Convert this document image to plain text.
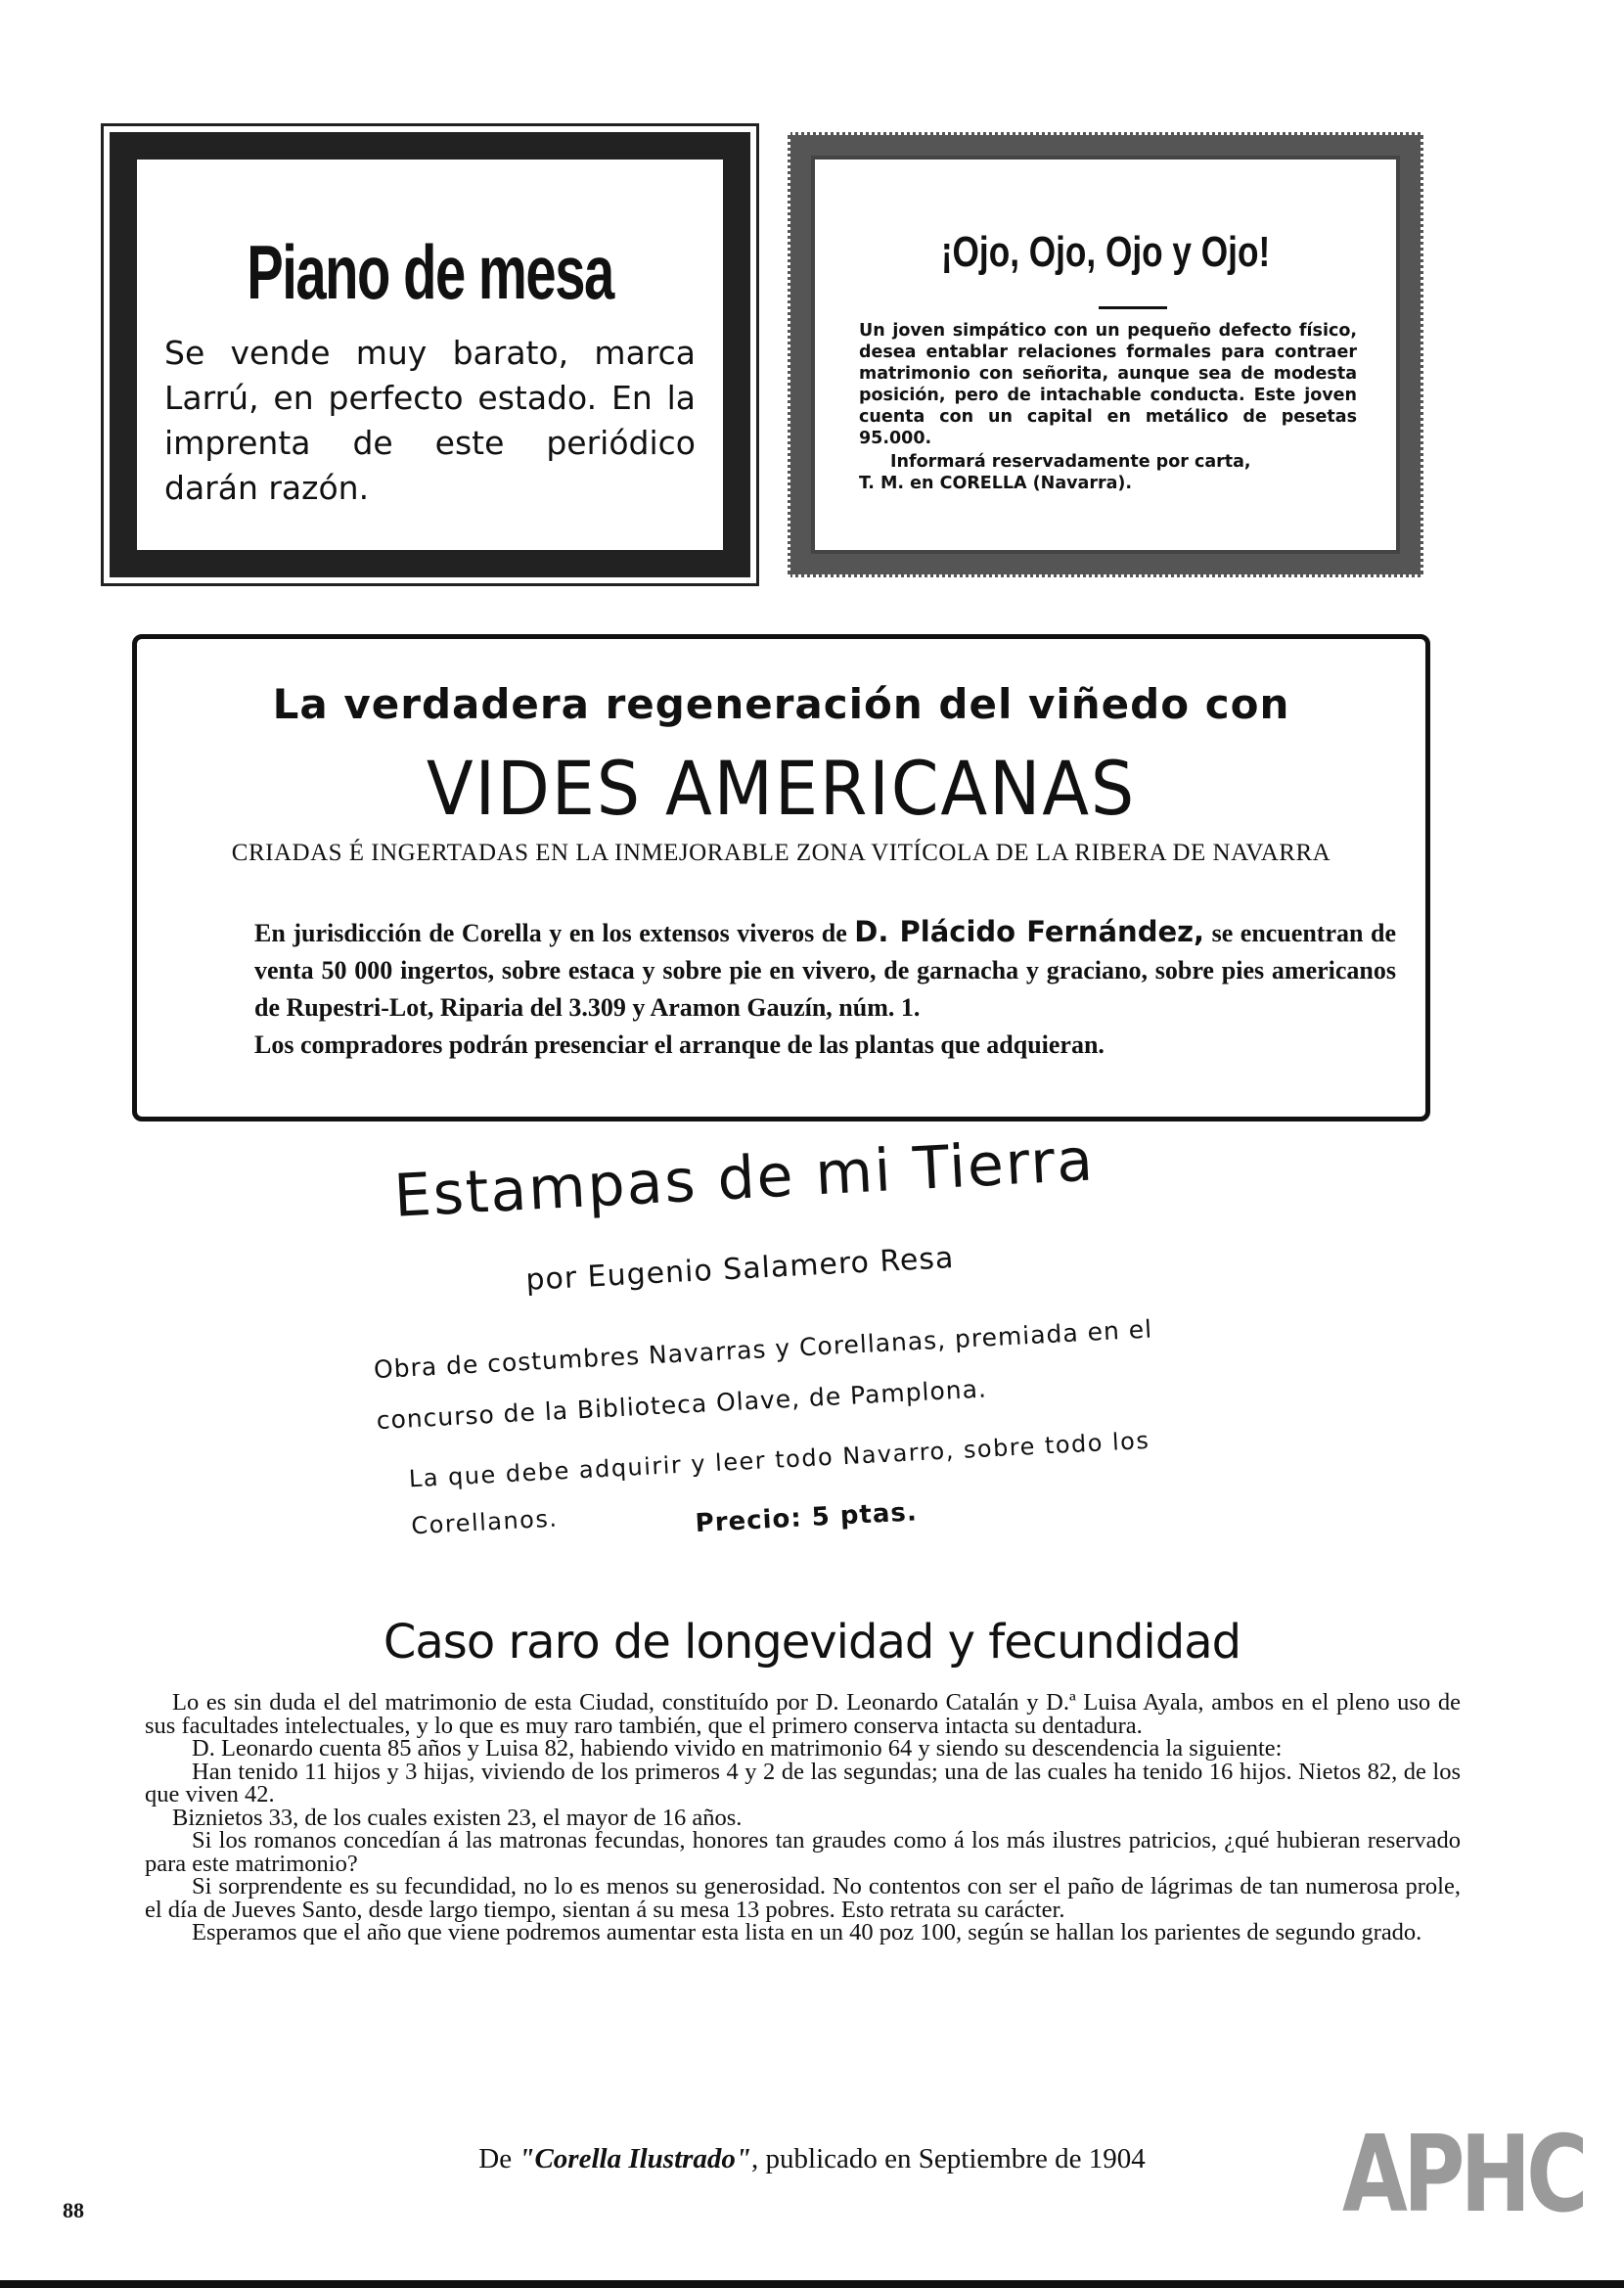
Piano de mesa
Se vende muy barato, marca Larrú, en perfecto estado. En la imprenta de este periódico darán razón.
¡Ojo, Ojo, Ojo y Ojo!
Un joven simpático con un pequeño defecto físico, desea entablar relaciones formales para contraer matrimonio con señorita, aunque sea de modesta posición, pero de intachable conducta. Este joven cuenta con un capital en metálico de pesetas 95.000.
Informará reservadamente por carta,
T. M. en CORELLA (Navarra).
La verdadera regeneración del viñedo con
VIDES AMERICANAS
CRIADAS É INGERTADAS EN LA INMEJORABLE ZONA VITÍCOLA DE LA RIBERA DE NAVARRA
En jurisdicción de Corella y en los extensos viveros de D. Plácido Fernández, se encuentran de venta 50 000 ingertos, sobre estaca y sobre pie en vivero, de garnacha y graciano, sobre pies americanos de Rupestri-Lot, Riparia del 3.309 y Aramon Gauzín, núm. 1.
Los compradores podrán presenciar el arranque de las plantas que adquieran.
Estampas de mi Tierra
por Eugenio Salamero Resa
Obra de costumbres Navarras y Corellanas, premiada en el concurso de la Biblioteca Olave, de Pamplona.
La que debe adquirir y leer todo Navarro, sobre todo los Corellanos.	Precio: 5 ptas.
Caso raro de longevidad y fecundidad

Lo es sin duda el del matrimonio de esta Ciudad, constituído por D. Leonardo Catalán y D.ª Luisa Ayala, ambos en el pleno uso de sus facultades intelectuales, y lo que es muy raro también, que el primero conserva intacta su dentadura.

D. Leonardo cuenta 85 años y Luisa 82, habiendo vivido en matrimonio 64 y siendo su descendencia la siguiente:

Han tenido 11 hijos y 3 hijas, viviendo de los primeros 4 y 2 de las segundas; una de las cuales ha tenido 16 hijos. Nietos 82, de los que viven 42.

Biznietos 33, de los cuales existen 23, el mayor de 16 años.

Si los romanos concedían á las matronas fecundas, honores tan graudes como á los más ilustres patricios, ¿qué hubieran reservado para este matrimonio?

Si sorprendente es su fecundidad, no lo es menos su generosidad. No contentos con ser el paño de lágrimas de tan numerosa prole, el día de Jueves Santo, desde largo tiempo, sientan á su mesa 13 pobres. Esto retrata su carácter.

Esperamos que el año que viene podremos aumentar esta lista en un 40 poz 100, según se hallan los parientes de segundo grado.

De "Corella Ilustrado", publicado en Septiembre de 1904
88	APHC
